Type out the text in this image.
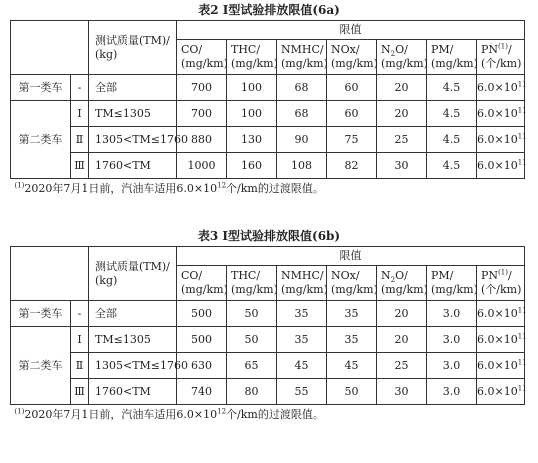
表2 Ⅰ型试验排放限值(6a)

		测试质量(TM)/
(kg)	限值						

			CO/
(mg/km)	THC/
(mg/km)	NMHC/
(mg/km)	NOx/
(mg/km)	$N_2O/$
(mg/km)	PM/
(mg/km)	PN$^{(1)}$/
(个/km)

第一类车	-	全部	700	100	68	60	20	4.5	$6.0\times 10^{11}$
第二类车	Ⅰ	TM≤1305	700	100	68	60	20	4.5	$6.0\times 10^{11}$
	Ⅱ	1305<TM≤1760	880	130	90	75	25	4.5	$6.0\times 10^{11}$
	Ⅲ	1760<TM	1000	160	108	82	30	4.5	$6.0\times 10^{11}$
$^{(1)}$2020年7月1日前，汽油车适用$6.0\times 10^{12}$个/km的过渡限值。									
表3 Ⅰ型试验排放限值(6b)

		测试质量(TM)/
(kg)	限值						

			CO/
(mg/km)	THC/
(mg/km)	NMHC/
(mg/km)	NOx/
(mg/km)	$N_2O/$
(mg/km)	PM/
(mg/km)	PN$^{(1)}$/
(个/km)

第一类车	-	全部	500	50	35	35	20	3.0	$6.0\times 10^{11}$
第二类车	Ⅰ	TM≤1305	500	50	35	35	20	3.0	$6.0\times 10^{11}$
	Ⅱ	1305<TM≤1760	630	65	45	45	25	3.0	$6.0\times 10^{11}$
	Ⅲ	1760<TM	740	80	55	50	30	3.0	$6.0\times 10^{11}$
$^{(1)}$2020年7月1日前，汽油车适用$6.0\times 10^{12}$个/km的过渡限值。									
